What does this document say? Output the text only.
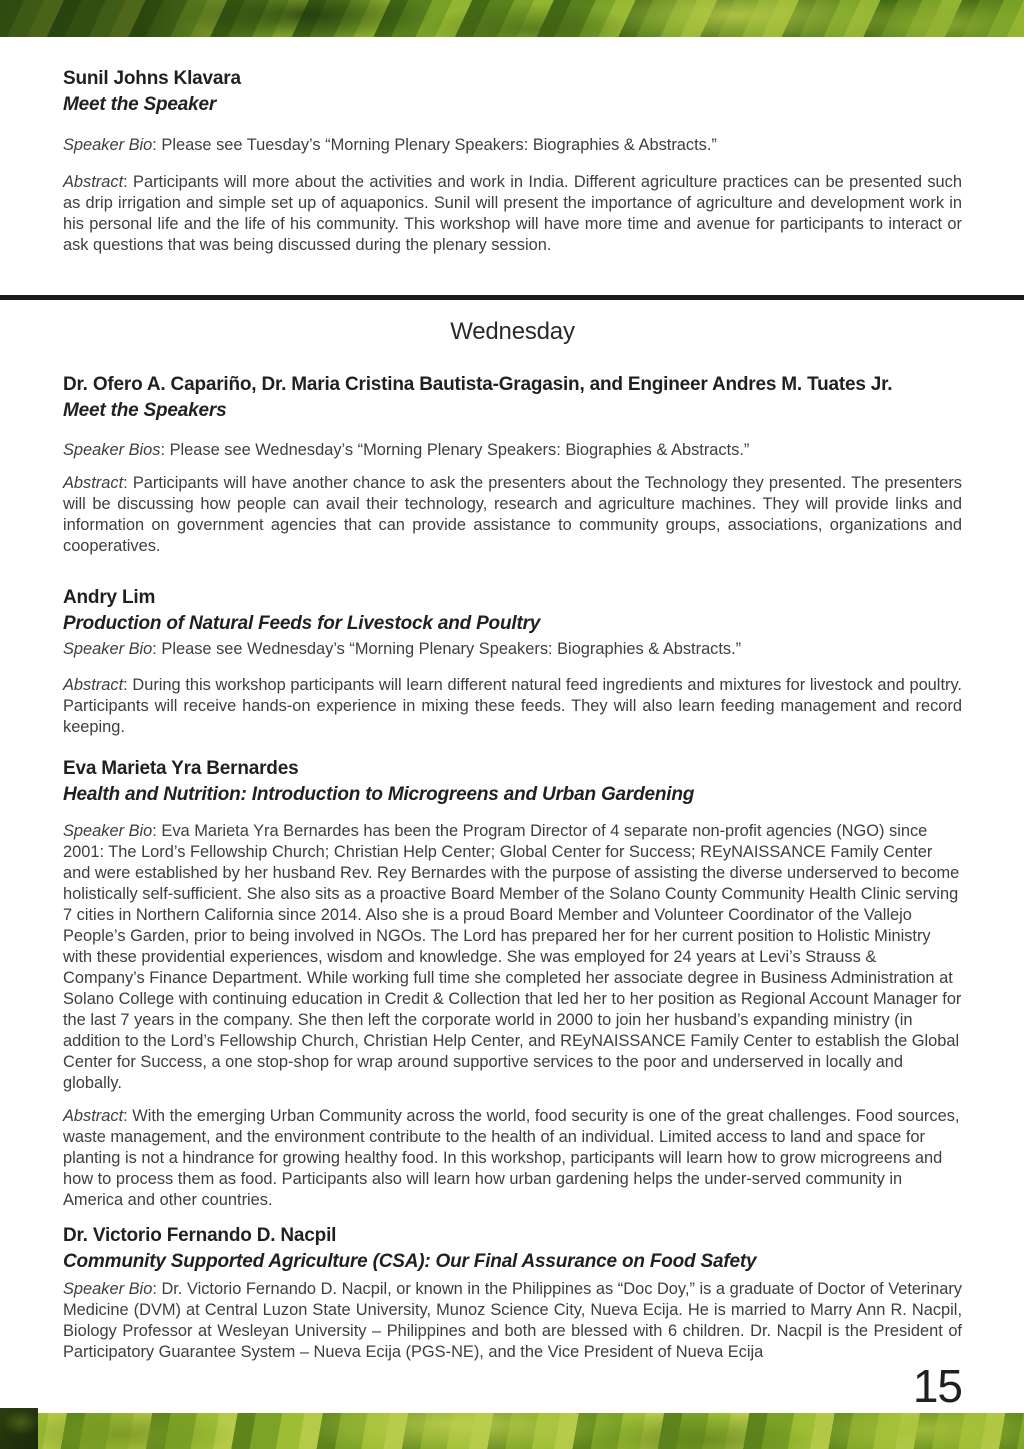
Sunil Johns Klavara
Meet the Speaker

Speaker Bio: Please see Tuesday’s “Morning Plenary Speakers: Biographies & Abstracts.”

Abstract: Participants will more about the activities and work in India. Different agriculture practices can be presented such as drip irrigation and simple set up of aquaponics. Sunil will present the importance of agriculture and development work in his personal life and the life of his community. This workshop will have more time and avenue for participants to interact or ask questions that was being discussed during the plenary session.

Wednesday
Dr. Ofero A. Capariño, Dr. Maria Cristina Bautista-Gragasin, and Engineer Andres M. Tuates Jr.
Meet the Speakers

Speaker Bios: Please see Wednesday’s “Morning Plenary Speakers: Biographies & Abstracts.”

Abstract: Participants will have another chance to ask the presenters about the Technology they presented. The presenters will be discussing how people can avail their technology, research and agriculture machines. They will provide links and information on government agencies that can provide assistance to community groups, associations, organizations and cooperatives.

Andry Lim
Production of Natural Feeds for Livestock and Poultry

Speaker Bio: Please see Wednesday’s “Morning Plenary Speakers: Biographies & Abstracts.”

Abstract: During this workshop participants will learn different natural feed ingredients and mixtures for livestock and poultry. Participants will receive hands-on experience in mixing these feeds. They will also learn feeding management and record keeping.

Eva Marieta Yra Bernardes
Health and Nutrition: Introduction to Microgreens and Urban Gardening

Speaker Bio: Eva Marieta Yra Bernardes has been the Program Director of 4 separate non-profit agencies (NGO) since 2001: The Lord’s Fellowship Church; Christian Help Center; Global Center for Success; REyNAISSANCE Family Center and were established by her husband Rev. Rey Bernardes with the purpose of assisting the diverse underserved to become holistically self-sufficient. She also sits as a proactive Board Member of the Solano County Community Health Clinic serving 7 cities in Northern California since 2014. Also she is a proud Board Member and Volunteer Coordinator of the Vallejo People’s Garden, prior to being involved in NGOs. The Lord has prepared her for her current position to Holistic Ministry with these providential experiences, wisdom and knowledge. She was employed for 24 years at Levi’s Strauss & Company’s Finance Department. While working full time she completed her associate degree in Business Administration at Solano College with continuing education in Credit & Collection that led her to her position as Regional Account Manager for the last 7 years in the company. She then left the corporate world in 2000 to join her husband’s expanding ministry (in addition to the Lord’s Fellowship Church, Christian Help Center, and REyNAISSANCE Family Center to establish the Global Center for Success, a one stop-shop for wrap around supportive services to the poor and underserved in locally and globally.

Abstract: With the emerging Urban Community across the world, food security is one of the great challenges. Food sources, waste management, and the environment contribute to the health of an individual. Limited access to land and space for planting is not a hindrance for growing healthy food. In this workshop, participants will learn how to grow microgreens and how to process them as food. Participants also will learn how urban gardening helps the under-served community in America and other countries.

Dr. Victorio Fernando D. Nacpil
Community Supported Agriculture (CSA): Our Final Assurance on Food Safety

Speaker Bio: Dr. Victorio Fernando D. Nacpil, or known in the Philippines as “Doc Doy,” is a graduate of Doctor of Veterinary Medicine (DVM) at Central Luzon State University, Munoz Science City, Nueva Ecija. He is married to Marry Ann R. Nacpil, Biology Professor at Wesleyan University – Philippines and both are blessed with 6 children. Dr. Nacpil is the President of Participatory Guarantee System – Nueva Ecija (PGS-NE), and the Vice President of Nueva Ecija

15
